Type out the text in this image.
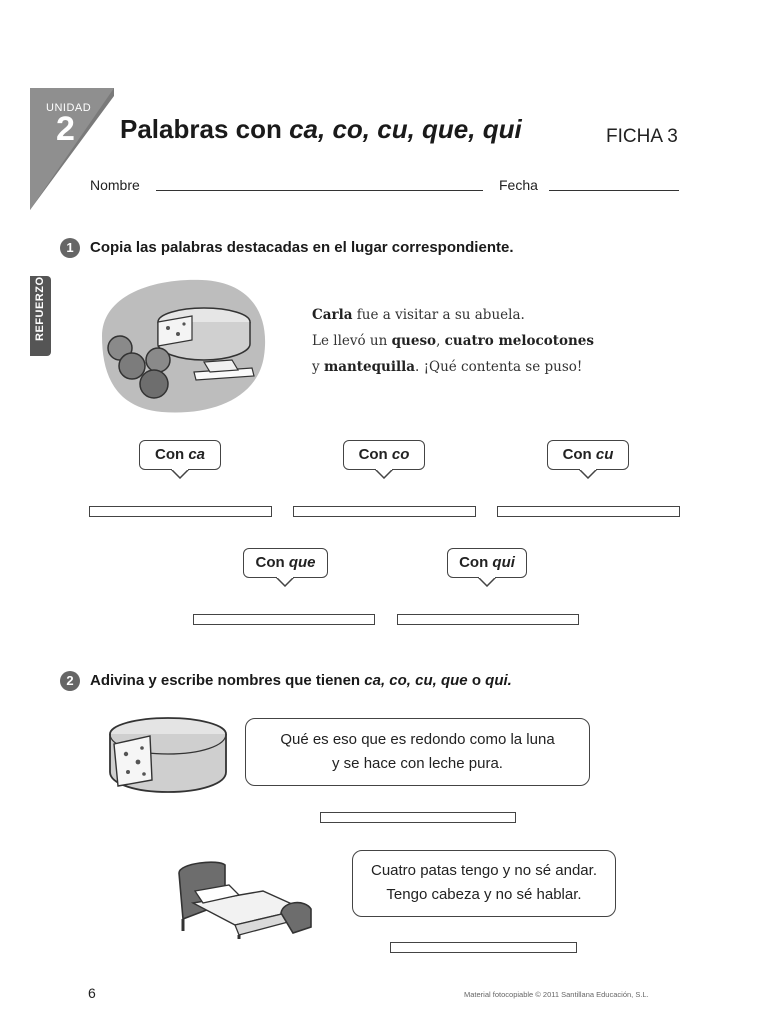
UNIDAD
2 Palabras con ca, co, cu, que, qui	FICHA 3
Nombre	Fecha
REFUERZO
1	Copia las palabras destacadas en el lugar correspondiente.
Carla fue a visitar a su abuela.
Le llevó un queso, cuatro melocotones
y mantequilla. ¡Qué contenta se puso!
Con ca	Con co	Con cu
Con que	Con qui
2	Adivina y escribe nombres que tienen ca, co, cu, que o qui.
Qué es eso que es redondo como la luna
y se hace con leche pura.
Cuatro patas tengo y no sé andar.
Tengo cabeza y no sé hablar.
6	Material fotocopiable © 2011 Santillana Educación, S.L.
